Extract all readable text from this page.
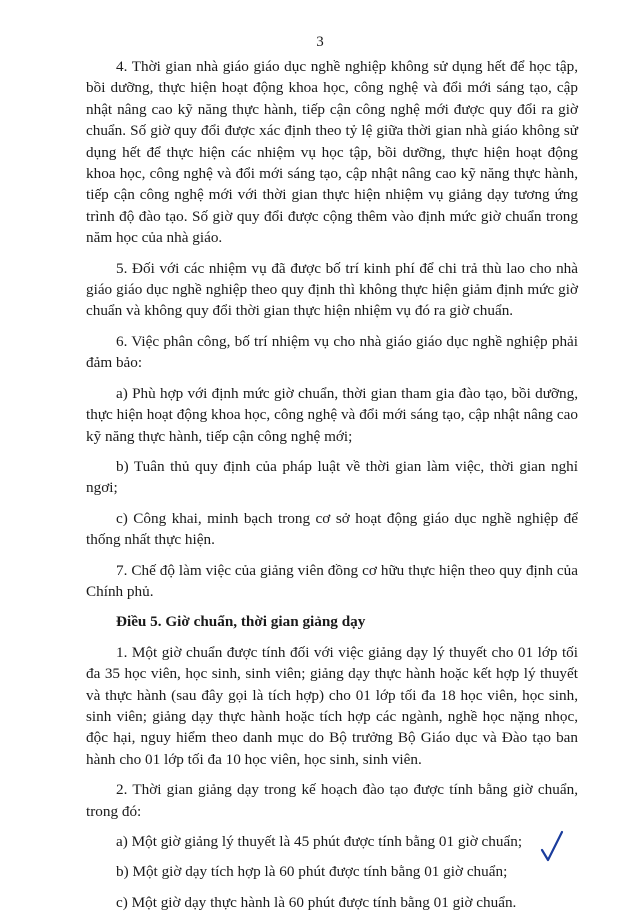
3

4. Thời gian nhà giáo giáo dục nghề nghiệp không sử dụng hết để học tập, bồi dưỡng, thực hiện hoạt động khoa học, công nghệ và đổi mới sáng tạo, cập nhật nâng cao kỹ năng thực hành, tiếp cận công nghệ mới được quy đổi ra giờ chuẩn. Số giờ quy đổi được xác định theo tỷ lệ giữa thời gian nhà giáo không sử dụng hết để thực hiện các nhiệm vụ học tập, bồi dưỡng, thực hiện hoạt động khoa học, công nghệ và đổi mới sáng tạo, cập nhật nâng cao kỹ năng thực hành, tiếp cận công nghệ mới với thời gian thực hiện nhiệm vụ giảng dạy tương ứng trình độ đào tạo. Số giờ quy đổi được cộng thêm vào định mức giờ chuẩn trong năm học của nhà giáo.

5. Đối với các nhiệm vụ đã được bố trí kinh phí để chi trả thù lao cho nhà giáo giáo dục nghề nghiệp theo quy định thì không thực hiện giảm định mức giờ chuẩn và không quy đổi thời gian thực hiện nhiệm vụ đó ra giờ chuẩn.

6. Việc phân công, bố trí nhiệm vụ cho nhà giáo giáo dục nghề nghiệp phải đảm bảo:

a) Phù hợp với định mức giờ chuẩn, thời gian tham gia đào tạo, bồi dưỡng, thực hiện hoạt động khoa học, công nghệ và đổi mới sáng tạo, cập nhật nâng cao kỹ năng thực hành, tiếp cận công nghệ mới;

b) Tuân thủ quy định của pháp luật về thời gian làm việc, thời gian nghỉ ngơi;

c) Công khai, minh bạch trong cơ sở hoạt động giáo dục nghề nghiệp để thống nhất thực hiện.

7. Chế độ làm việc của giảng viên đồng cơ hữu thực hiện theo quy định của Chính phủ.

Điều 5. Giờ chuẩn, thời gian giảng dạy

1. Một giờ chuẩn được tính đối với việc giảng dạy lý thuyết cho 01 lớp tối đa 35 học viên, học sinh, sinh viên; giảng dạy thực hành hoặc kết hợp lý thuyết và thực hành (sau đây gọi là tích hợp) cho 01 lớp tối đa 18 học viên, học sinh, sinh viên; giảng dạy thực hành hoặc tích hợp các ngành, nghề học nặng nhọc, độc hại, nguy hiểm theo danh mục do Bộ trưởng Bộ Giáo dục và Đào tạo ban hành cho 01 lớp tối đa 10 học viên, học sinh, sinh viên.

2. Thời gian giảng dạy trong kế hoạch đào tạo được tính bằng giờ chuẩn, trong đó:

a) Một giờ giảng lý thuyết là 45 phút được tính bằng 01 giờ chuẩn;

b) Một giờ dạy tích hợp là 60 phút được tính bằng 01 giờ chuẩn;

c) Một giờ dạy thực hành là 60 phút được tính bằng 01 giờ chuẩn.
